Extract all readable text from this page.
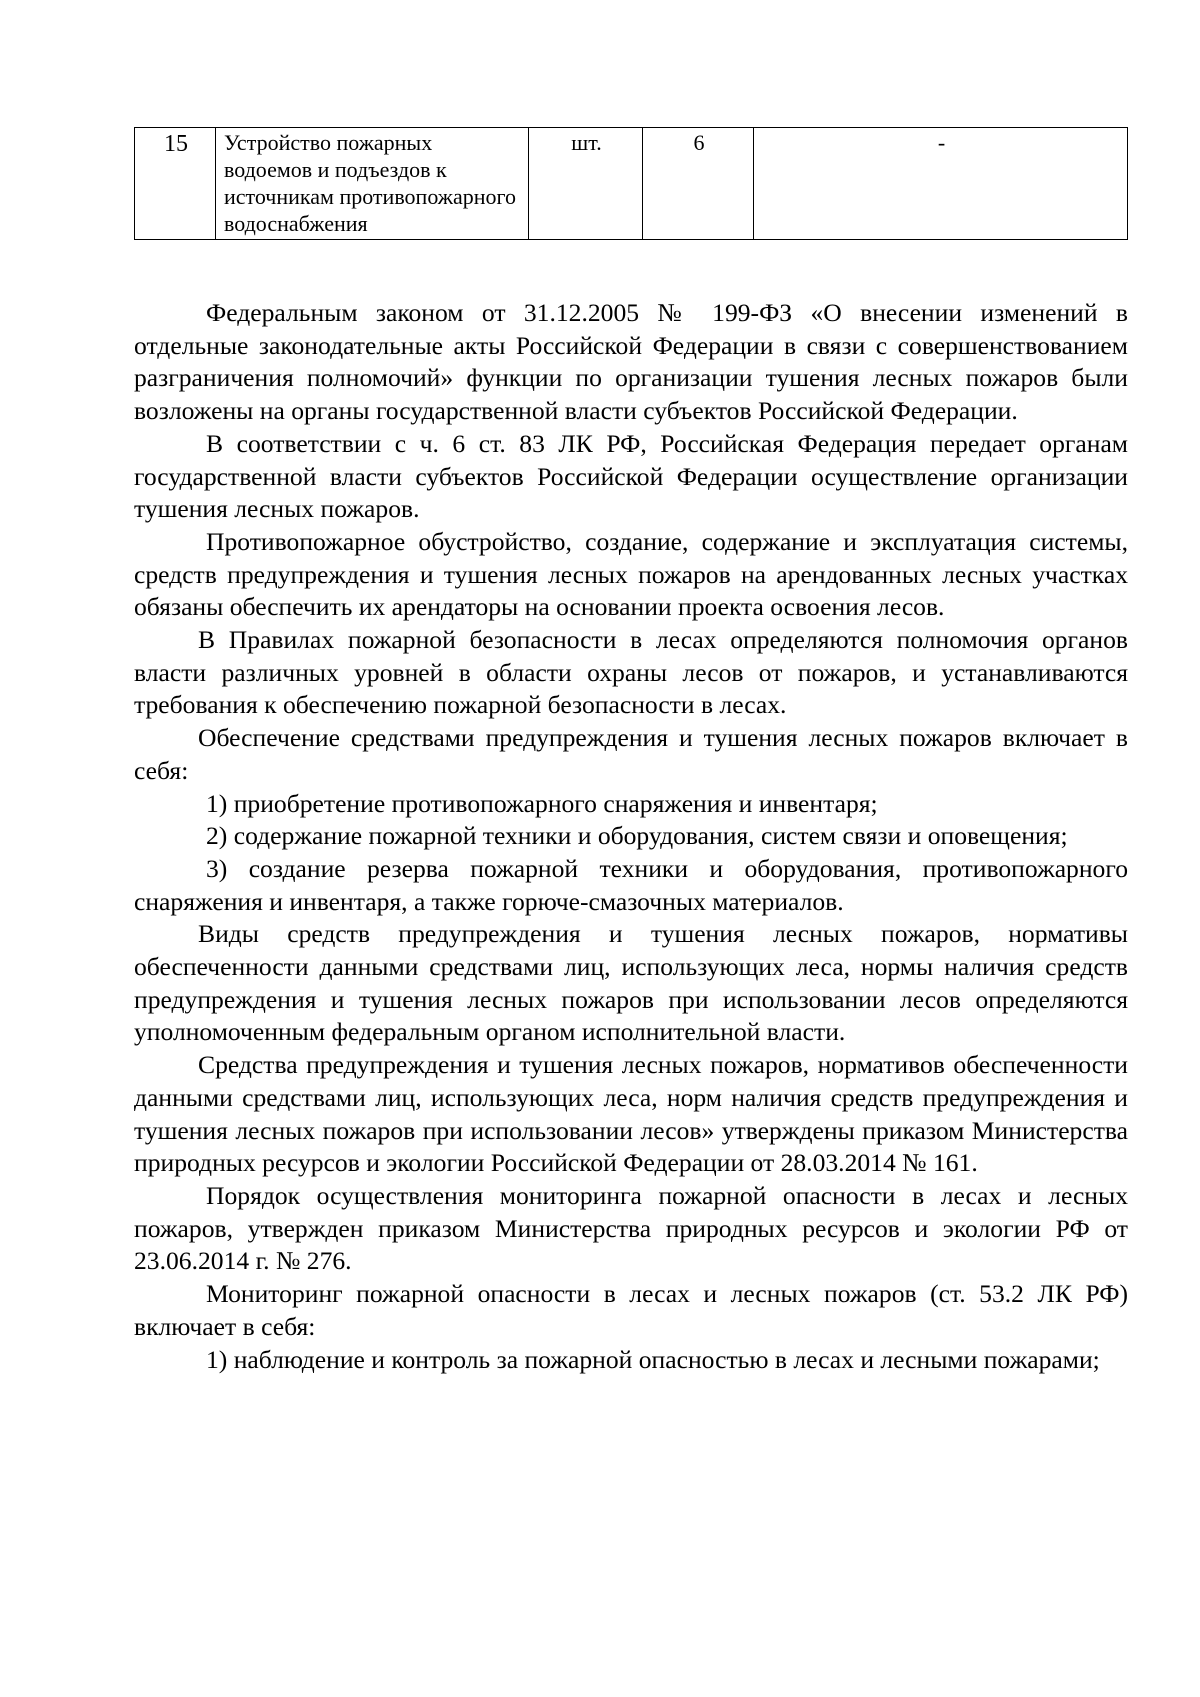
15	Устройство пожарных водоемов и подъездов к источникам противопожарного водоснабжения	шт.	6	-

Федеральным законом от 31.12.2005 № 199-ФЗ «О внесении изменений в отдельные законодательные акты Российской Федерации в связи с совершенствованием разграничения полномочий» функции по организации тушения лесных пожаров были возложены на органы государственной власти субъектов Российской Федерации.

В соответствии с ч. 6 ст. 83 ЛК РФ, Российская Федерация передает органам государственной власти субъектов Российской Федерации осуществление организации тушения лесных пожаров.

Противопожарное обустройство, создание, содержание и эксплуатация системы, средств предупреждения и тушения лесных пожаров на арендованных лесных участках обязаны обеспечить их арендаторы на основании проекта освоения лесов.

В Правилах пожарной безопасности в лесах определяются полномочия органов власти различных уровней в области охраны лесов от пожаров, и устанавливаются требования к обеспечению пожарной безопасности в лесах.

Обеспечение средствами предупреждения и тушения лесных пожаров включает в себя:

1) приобретение противопожарного снаряжения и инвентаря;

2) содержание пожарной техники и оборудования, систем связи и оповещения;

3) создание резерва пожарной техники и оборудования, противопожарного снаряжения и инвентаря, а также горюче-смазочных материалов.

Виды средств предупреждения и тушения лесных пожаров, нормативы обеспеченности данными средствами лиц, использующих леса, нормы наличия средств предупреждения и тушения лесных пожаров при использовании лесов определяются уполномоченным федеральным органом исполнительной власти.

Средства предупреждения и тушения лесных пожаров, нормативов обеспеченности данными средствами лиц, использующих леса, норм наличия средств предупреждения и тушения лесных пожаров при использовании лесов» утверждены приказом Министерства природных ресурсов и экологии Российской Федерации от 28.03.2014 № 161.

Порядок осуществления мониторинга пожарной опасности в лесах и лесных пожаров, утвержден приказом Министерства природных ресурсов и экологии РФ от 23.06.2014 г. № 276.

Мониторинг пожарной опасности в лесах и лесных пожаров (ст. 53.2 ЛК РФ) включает в себя:

1) наблюдение и контроль за пожарной опасностью в лесах и лесными пожарами;
